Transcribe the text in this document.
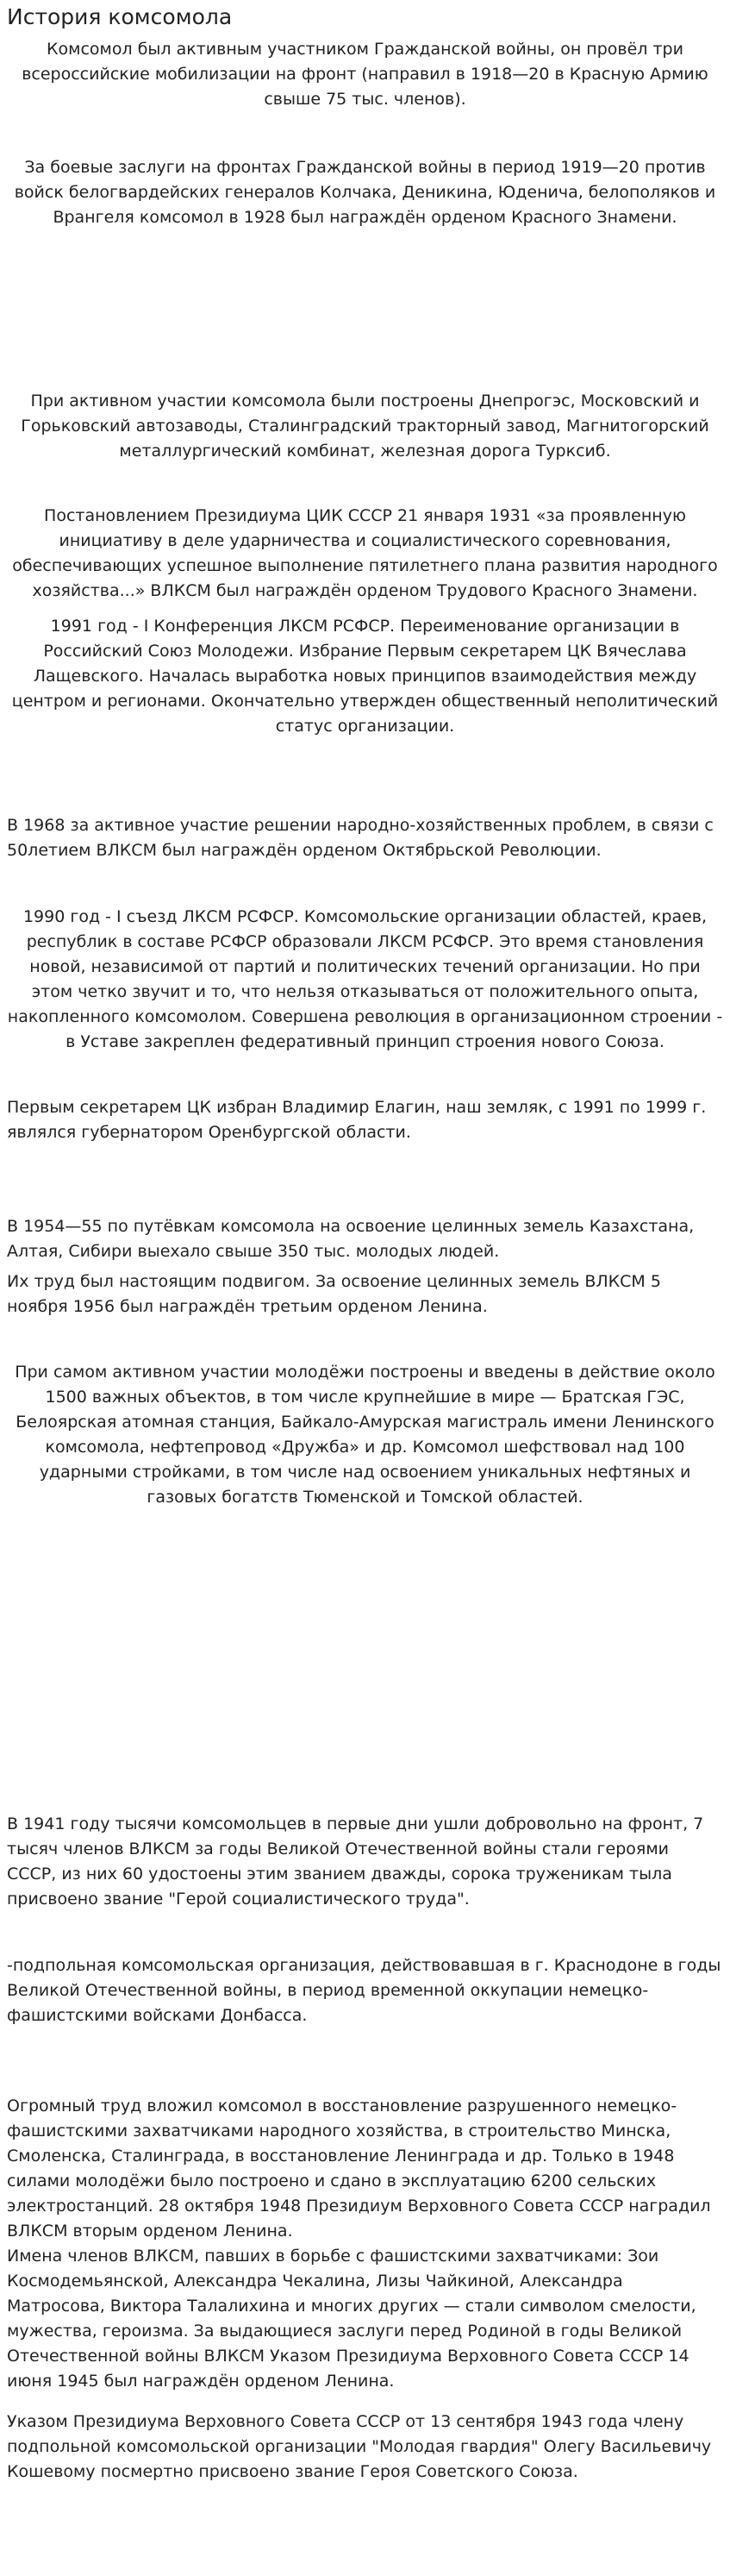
История комсомола

Комсомол был активным участником Гражданской войны, он провёл три всероссийские мобилизации на фронт (направил в 1918—20 в Красную Армию свыше 75 тыс. членов).

За боевые заслуги на фронтах Гражданской войны в период 1919—20 против войск белогвардейских генералов Колчака, Деникина, Юденича, белополяков и Врангеля комсомол в 1928 был награждён орденом Красного Знамени.

При активном участии комсомола были построены Днепрогэс, Московский и Горьковский автозаводы, Сталинградский тракторный завод, Магнитогорский металлургический комбинат, железная дорога Турксиб.

Постановлением Президиума ЦИК СССР 21 января 1931 «за проявленную инициативу в деле ударничества и социалистического соревнования, обеспечивающих успешное выполнение пятилетнего плана развития народного хозяйства...» ВЛКСМ был награждён орденом Трудового Красного Знамени.

1991 год - I Конференция ЛКСМ РСФСР. Переименование организации в Российский Союз Молодежи. Избрание Первым секретарем ЦК Вячеслава Лащевского. Началась выработка новых принципов взаимодействия между центром и регионами. Окончательно утвержден общественный неполитический статус организации.

В 1968 за активное участие решении народно-хозяйственных проблем, в связи с 50летием ВЛКСМ был награждён орденом Октябрьской Революции.

1990 год - I съезд ЛКСМ РСФСР. Комсомольские организации областей, краев, республик в составе РСФСР образовали ЛКСМ РСФСР. Это время становления новой, независимой от партий и политических течений организации. Но при этом четко звучит и то, что нельзя отказываться от положительного опыта, накопленного комсомолом. Совершена революция в организационном строении - в Уставе закреплен федеративный принцип строения нового Союза.

Первым секретарем ЦК избран Владимир Елагин, наш земляк, с 1991 по 1999 г. являлся губернатором Оренбургской области.

В 1954—55 по путёвкам комсомола на освоение целинных земель Казахстана, Алтая, Сибири выехало свыше 350 тыс. молодых людей.

Их труд был настоящим подвигом. За освоение целинных земель ВЛКСМ 5 ноября 1956 был награждён третьим орденом Ленина.

При самом активном участии молодёжи построены и введены в действие около 1500 важных объектов, в том числе крупнейшие в мире — Братская ГЭС, Белоярская атомная станция, Байкало-Амурская магистраль имени Ленинского комсомола, нефтепровод «Дружба» и др. Комсомол шефствовал над 100 ударными стройками, в том числе над освоением уникальных нефтяных и газовых богатств Тюменской и Томской областей.

В 1941 году тысячи комсомольцев в первые дни ушли добровольно на фронт, 7 тысяч членов ВЛКСМ за годы Великой Отечественной войны стали героями СССР, из них 60 удостоены этим званием дважды, сорока труженикам тыла присвоено звание "Герой социалистического труда".

-подпольная комсомольская организация, действовавшая в г. Краснодоне в годы Великой Отечественной войны, в период временной оккупации немецко-фашистскими войсками Донбасса.

Огромный труд вложил комсомол в восстановление разрушенного немецко-фашистскими захватчиками народного хозяйства, в строительство Минска, Смоленска, Сталинграда, в восстановление Ленинграда и др. Только в 1948 силами молодёжи было построено и сдано в эксплуатацию 6200 сельских электростанций. 28 октября 1948 Президиум Верховного Совета СССР наградил ВЛКСМ вторым орденом Ленина.

Имена членов ВЛКСМ, павших в борьбе с фашистскими захватчиками: Зои Космодемьянской, Александра Чекалина, Лизы Чайкиной, Александра Матросова, Виктора Талалихина и многих других — стали символом смелости, мужества, героизма. За выдающиеся заслуги перед Родиной в годы Великой Отечественной войны ВЛКСМ Указом Президиума Верховного Совета СССР 14 июня 1945 был награждён орденом Ленина.

Указом Президиума Верховного Совета СССР от 13 сентября 1943 года члену подпольной комсомольской организации "Молодая гвардия" Олегу Васильевичу Кошевому посмертно присвоено звание Героя Советского Союза.
